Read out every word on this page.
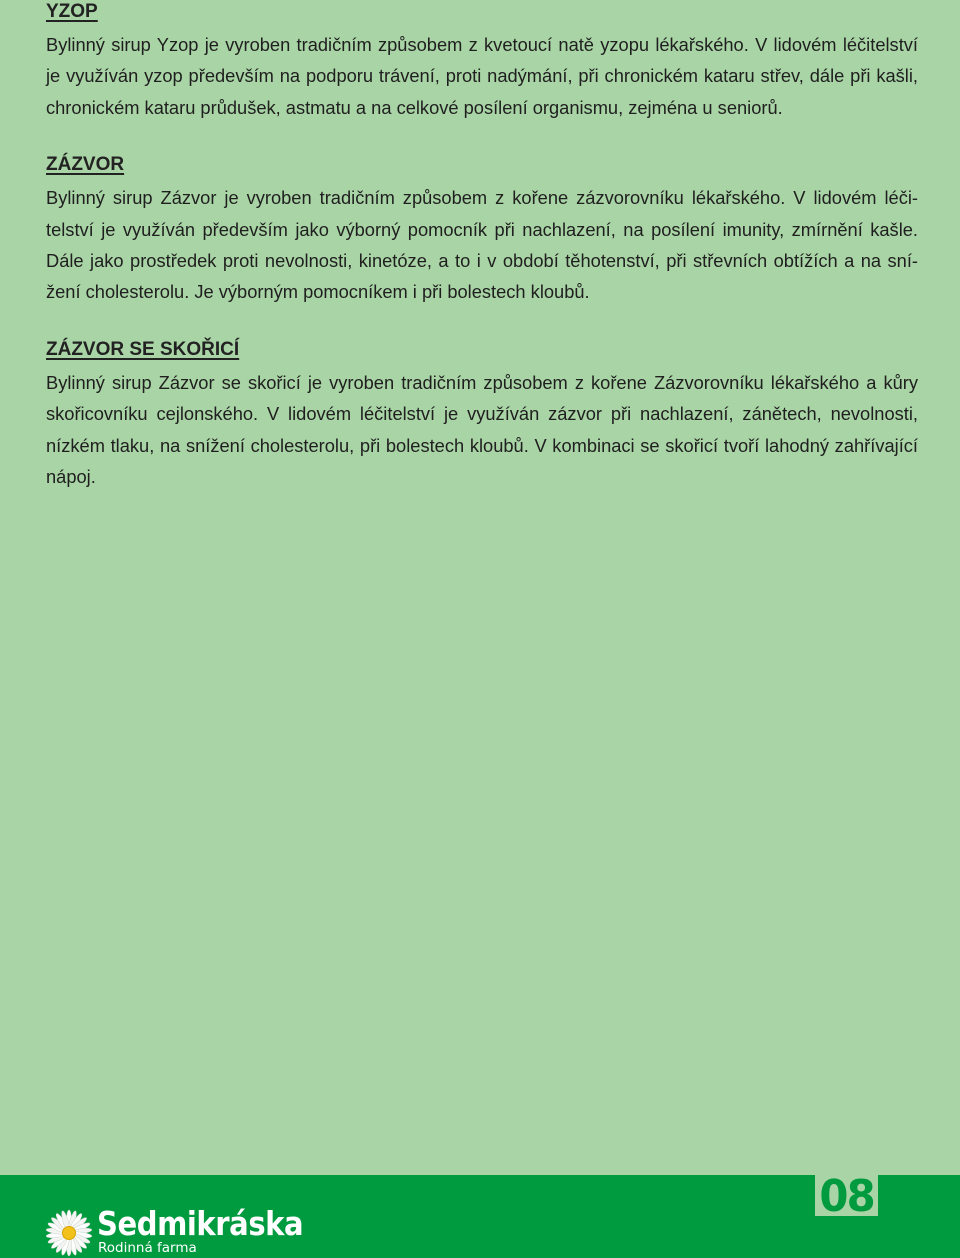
YZOP

Bylinný sirup Yzop je vyroben tradičním způsobem z kvetoucí natě yzopu lékařského. V lidovém léčitelství je využíván yzop především na podporu trávení, proti nadýmání, při chronickém kataru střev, dále při kašli, chronickém kataru průdušek, astmatu a na celkové posílení organismu, zejména u seniorů.

ZÁZVOR

Bylinný sirup Zázvor je vyroben tradičním způsobem z kořene zázvorovníku lékařského. V lidovém léčitelství je využíván především jako výborný pomocník při nachlazení, na posílení imunity, zmírnění kašle. Dále jako prostředek proti nevolnosti, kinetóze, a to i v období těhotenství, při střevních obtížích a na snížení cholesterolu. Je výborným pomocníkem i při bolestech kloubů.

ZÁZVOR SE SKOŘICÍ

Bylinný sirup Zázvor se skořicí je vyroben tradičním způsobem z kořene Zázvorovníku lékařského a kůry skořicovníku cejlonského. V lidovém léčitelství je využíván zázvor při nachlazení, zánětech, nevolnosti, nízkém tlaku, na snížení cholesterolu, při bolestech kloubů. V kombinaci se skořicí tvoří lahodný zahřívající nápoj.

08
Sedmikráska
Rodinná farma
